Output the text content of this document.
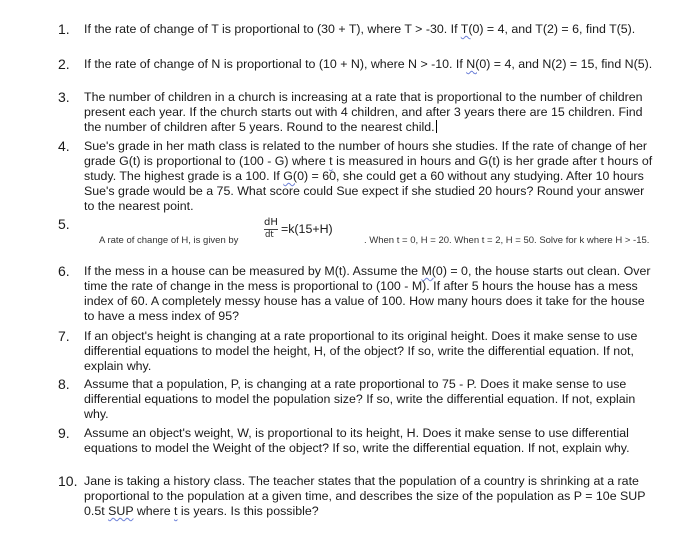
1. If the rate of change of T is proportional to (30 + T), where T > -30. If T(0) = 4, and T(2) = 6, find T(5).

2. If the rate of change of N is proportional to (10 + N), where N > -10. If N(0) = 4, and N(2) = 15, find N(5).

3. The number of children in a church is increasing at a rate that is proportional to the number of children present each year. If the church starts out with 4 children, and after 3 years there are 15 children. Find the number of children after 5 years. Round to the nearest child.

4. Sue's grade in her math class is related to the number of hours she studies. If the rate of change of her grade G(t) is proportional to (100 - G) where t is measured in hours and G(t) is her grade after t hours of study. The highest grade is a 100. If G(0) = 60, she could get a 60 without any studying. After 10 hours Sue's grade would be a 75. What score could Sue expect if she studied 20 hours? Round your answer to the nearest point.

5.
A rate of change of H, is given by
dH
dt =k(15+H)
. When t = 0, H = 20. When t = 2, H = 50. Solve for k where H > -15.
6. If the mess in a house can be measured by M(t). Assume the M(0) = 0, the house starts out clean. Over time the rate of change in the mess is proportional to (100 - M). If after 5 hours the house has a mess index of 60. A completely messy house has a value of 100. How many hours does it take for the house to have a mess index of 95?

7. If an object's height is changing at a rate proportional to its original height. Does it make sense to use differential equations to model the height, H, of the object? If so, write the differential equation. If not, explain why.

8. Assume that a population, P, is changing at a rate proportional to 75 - P. Does it make sense to use differential equations to model the population size? If so, write the differential equation. If not, explain why.

9. Assume an object's weight, W, is proportional to its height, H. Does it make sense to use differential equations to model the Weight of the object? If so, write the differential equation. If not, explain why.

10. Jane is taking a history class. The teacher states that the population of a country is shrinking at a rate proportional to the population at a given time, and describes the size of the population as P = 10e SUP 0.5t SUP where t is years. Is this possible?
